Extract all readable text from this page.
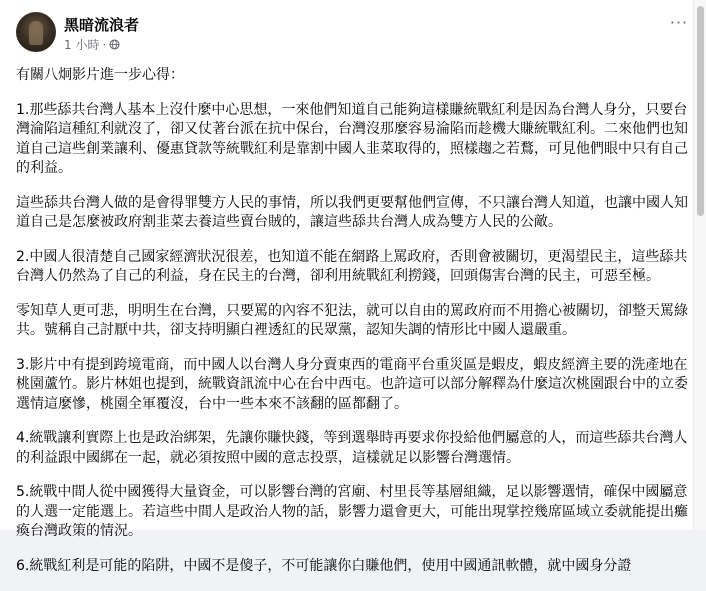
黑暗流浪者
1 小時 ·
···

有關八炯影片進一步心得：

1.那些舔共台灣人基本上沒什麼中心思想，一來他們知道自己能夠這樣賺統戰紅利是因為台灣人身分，只要台灣淪陷這種紅利就沒了，卻又仗著台派在抗中保台，台灣沒那麼容易淪陷而趁機大賺統戰紅利。二來他們也知道自己這些創業讓利、優惠貸款等統戰紅利是靠割中國人韭菜取得的，照樣趨之若鶩，可見他們眼中只有自己的利益。

這些舔共台灣人做的是會得罪雙方人民的事情，所以我們更要幫他們宣傳，不只讓台灣人知道，也讓中國人知道自己是怎麼被政府割韭菜去養這些賣台賊的，讓這些舔共台灣人成為雙方人民的公敵。

2.中國人很清楚自己國家經濟狀況很差，也知道不能在網路上罵政府，否則會被關切，更渴望民主，這些舔共台灣人仍然為了自己的利益，身在民主的台灣，卻利用統戰紅利撈錢，回頭傷害台灣的民主，可惡至極。

零知草人更可悲，明明生在台灣，只要罵的內容不犯法，就可以自由的罵政府而不用擔心被關切，卻整天罵綠共。號稱自己討厭中共，卻支持明顯白裡透紅的民眾黨，認知失調的情形比中國人還嚴重。

3.影片中有提到跨境電商，而中國人以台灣人身分賣東西的電商平台重災區是蝦皮，蝦皮經濟主要的洗產地在桃園蘆竹。影片林姐也提到，統戰資訊流中心在台中西屯。也許這可以部分解釋為什麼這次桃園跟台中的立委選情這麼慘，桃園全軍覆沒，台中一些本來不該翻的區都翻了。

4.統戰讓利實際上也是政治綁架，先讓你賺快錢，等到選舉時再要求你投給他們屬意的人，而這些舔共台灣人的利益跟中國綁在一起，就必須按照中國的意志投票，這樣就足以影響台灣選情。

5.統戰中間人從中國獲得大量資金，可以影響台灣的宮廟、村里長等基層組織，足以影響選情，確保中國屬意的人選一定能選上。若這些中間人是政治人物的話，影響力還會更大，可能出現掌控幾席區域立委就能提出癱瘓台灣政策的情況。

6.統戰紅利是可能的陷阱，中國不是傻子，不可能讓你白賺他們，使用中國通訊軟體，就中國身分證
